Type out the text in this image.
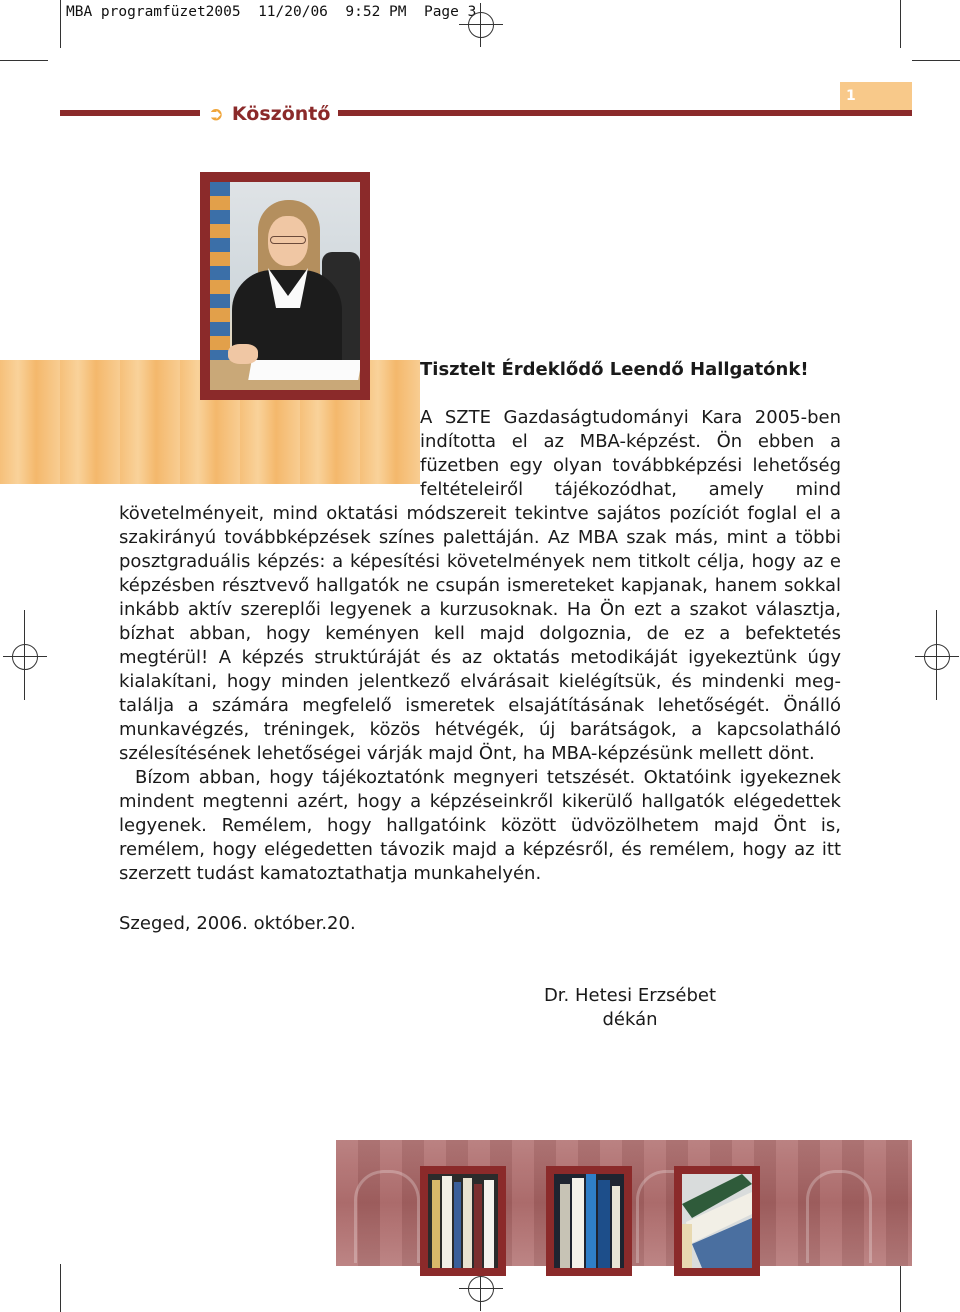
MBA programfüzet2005 11/20/06 9:52 PM Page 3
➲ Köszöntő
1
Tisztelt Érdeklődő Leendő Hallgatónk!
A SZTE Gazdaságtudományi Kara 2005-ben
indította el az MBA-képzést. Ön ebben a
füzetben egy olyan továbbképzési lehetőség
feltételeiről tájékozódhat, amely mind
követelményeit, mind oktatási módszereit tekintve sajátos pozíciót foglal el a
szakirányú továbbképzések színes palettáján. Az MBA szak más, mint a többi
posztgraduális képzés: a képesítési követelmények nem titkolt célja, hogy az e
képzésben résztvevő hallgatók ne csupán ismereteket kapjanak, hanem sokkal
inkább aktív szereplői legyenek a kurzusoknak. Ha Ön ezt a szakot választja,
bízhat abban, hogy keményen kell majd dolgoznia, de ez a befektetés
megtérül! A képzés struktúráját és az oktatás metodikáját igyekeztünk úgy
kialakítani, hogy minden jelentkező elvárásait kielégítsük, és mindenki meg-
találja a számára megfelelő ismeretek elsajátításának lehetőségét. Önálló
munkavégzés, tréningek, közös hétvégék, új barátságok, a kapcsolatháló
szélesítésének lehetőségei várják majd Önt, ha MBA-képzésünk mellett dönt.
Bízom abban, hogy tájékoztatónk megnyeri tetszését. Oktatóink igyekeznek
mindent megtenni azért, hogy a képzéseinkről kikerülő hallgatók elégedettek
legyenek. Remélem, hogy hallgatóink között üdvözölhetem majd Önt is,
remélem, hogy elégedetten távozik majd a képzésről, és remélem, hogy az itt
szerzett tudást kamatoztathatja munkahelyén.
Szeged, 2006. október.20.
Dr. Hetesi Erzsébet
dékán
